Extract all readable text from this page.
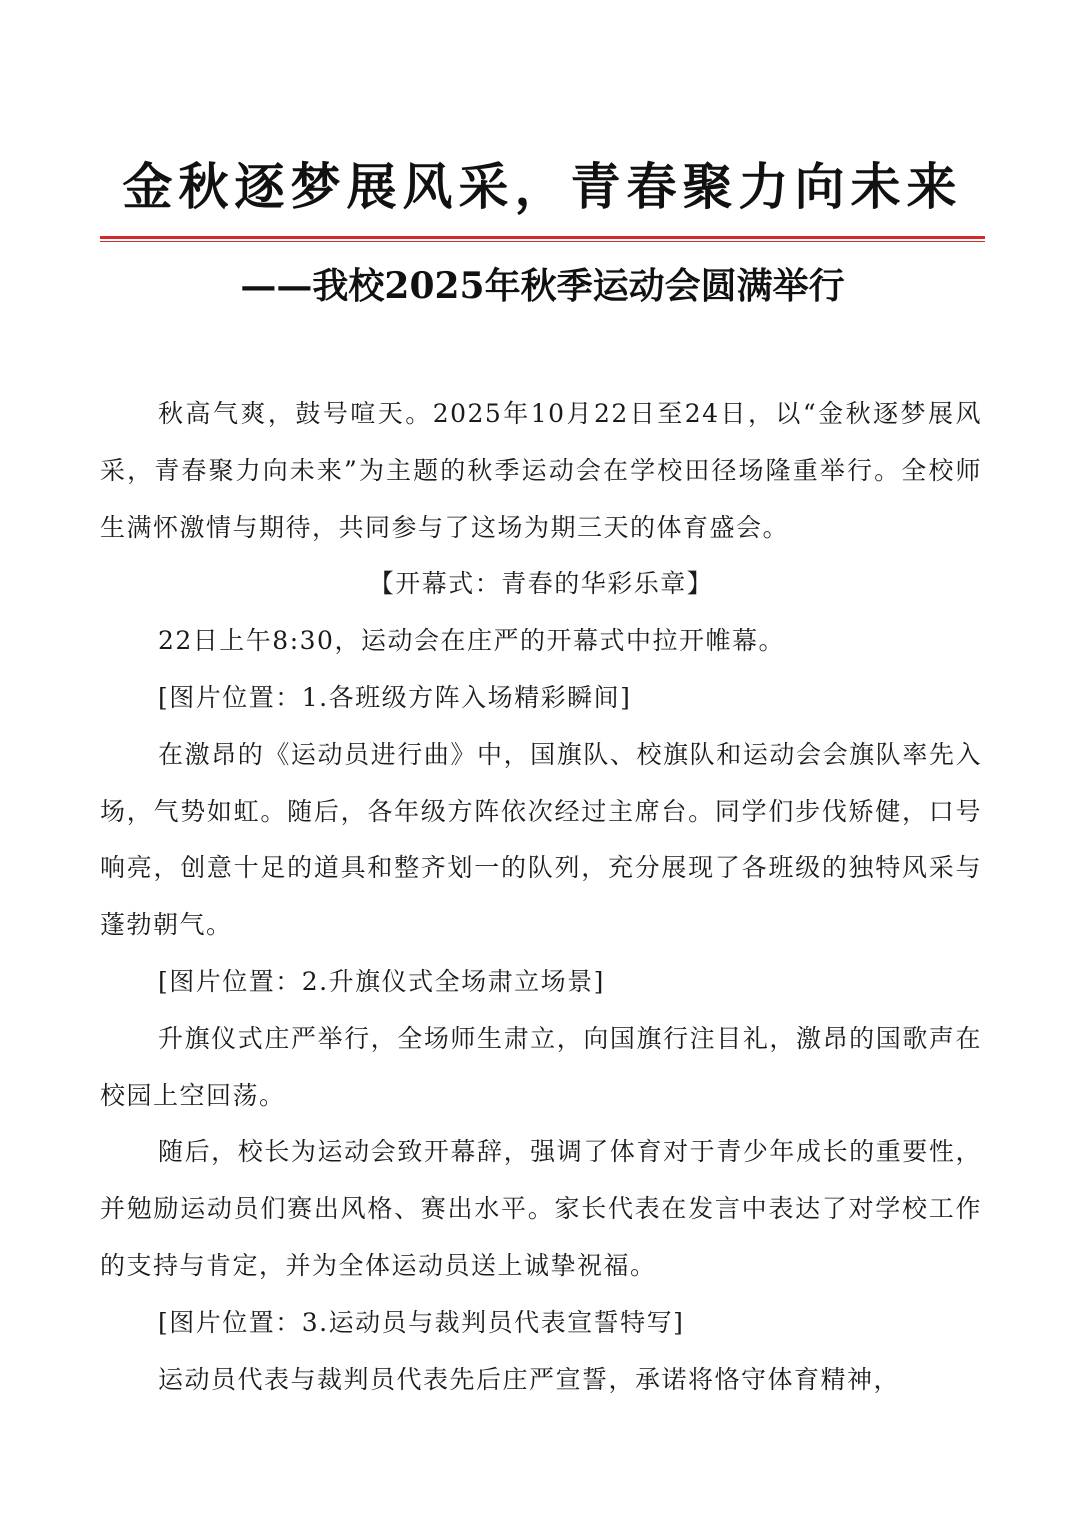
金秋逐梦展风采，青春聚力向未来
——我校2025年秋季运动会圆满举行

秋高气爽，鼓号喧天。2025年10月22日至24日，以“金秋逐梦展风采，青春聚力向未来”为主题的秋季运动会在学校田径场隆重举行。全校师生满怀激情与期待，共同参与了这场为期三天的体育盛会。

【开幕式：青春的华彩乐章】

22日上午8:30，运动会在庄严的开幕式中拉开帷幕。

[图片位置：1.各班级方阵入场精彩瞬间]

在激昂的《运动员进行曲》中，国旗队、校旗队和运动会会旗队率先入场，气势如虹。随后，各年级方阵依次经过主席台。同学们步伐矫健，口号响亮，创意十足的道具和整齐划一的队列，充分展现了各班级的独特风采与蓬勃朝气。

[图片位置：2.升旗仪式全场肃立场景]

升旗仪式庄严举行，全场师生肃立，向国旗行注目礼，激昂的国歌声在校园上空回荡。

随后，校长为运动会致开幕辞，强调了体育对于青少年成长的重要性，并勉励运动员们赛出风格、赛出水平。家长代表在发言中表达了对学校工作的支持与肯定，并为全体运动员送上诚挚祝福。

[图片位置：3.运动员与裁判员代表宣誓特写]

运动员代表与裁判员代表先后庄严宣誓，承诺将恪守体育精神，
